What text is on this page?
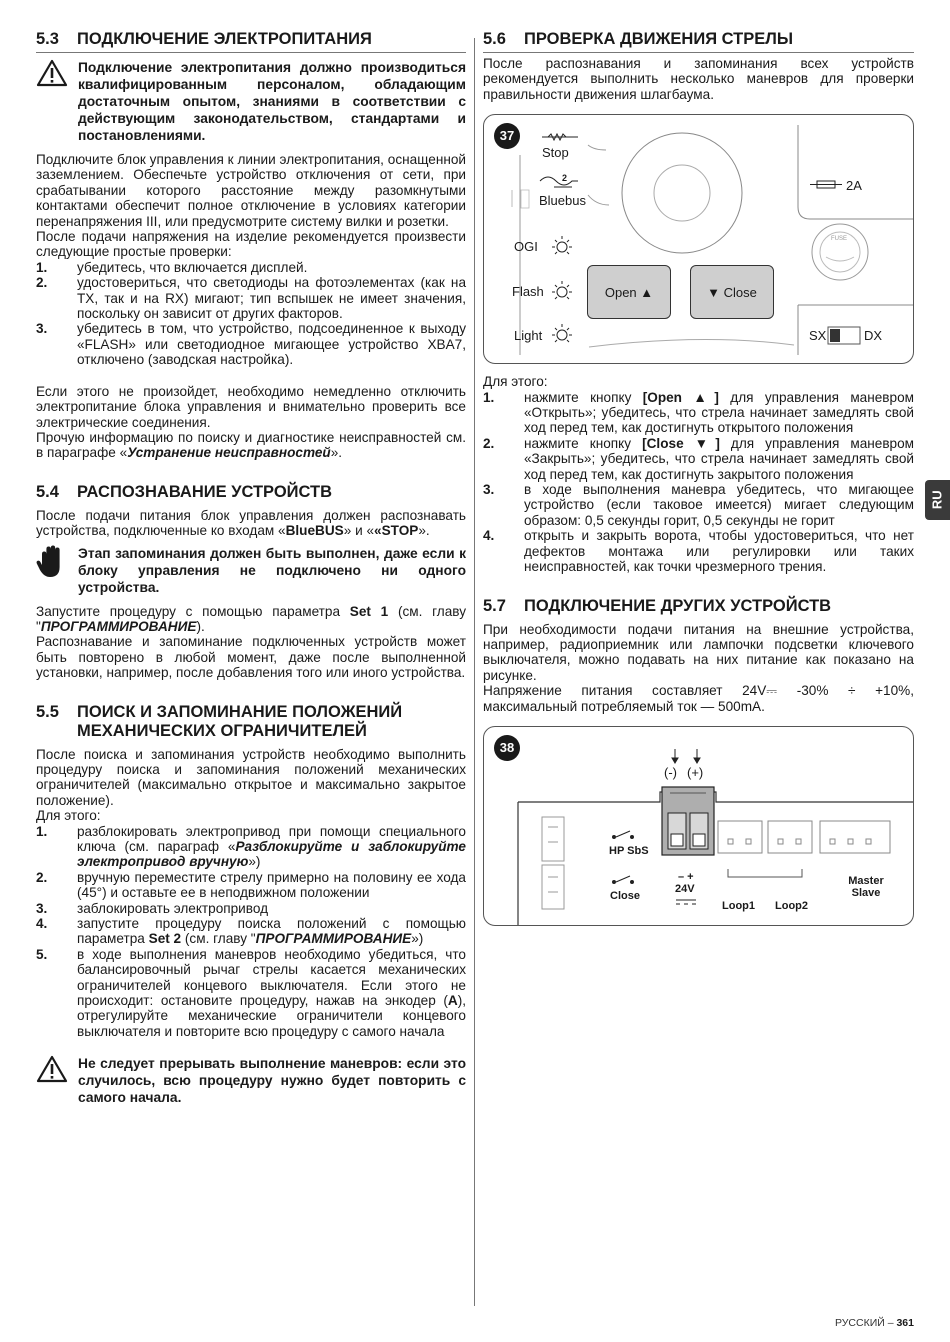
5.3	ПОДКЛЮЧЕНИЕ ЭЛЕКТРОПИТАНИЯ

Подключение электропитания должно производиться квалифицированным персоналом, обладающим достаточным опытом, знаниями в соответствии с действующим законодательством, стандартами и постановлениями.

Подключите блок управления к линии электропитания, оснащенной заземлением. Обеспечьте устройство отключения от сети, при срабатывании которого расстояние между разомкнутыми контактами обеспечит полное отключение в условиях категории перенапряжения III, или предусмотрите систему вилки и розетки.

После подачи напряжения на изделие рекомендуется произвести следующие простые проверки:

1.	убедитесь, что включается дисплей.
2.	удостовериться, что светодиоды на фотоэлементах (как на TX, так и на RX) мигают; тип вспышек не имеет значения, поскольку он зависит от других факторов.
3.	убедитесь в том, что устройство, подсоединенное к выходу «FLASH» или светодиодное мигающее устройство XBA7, отключено (заводская настройка).

Если этого не произойдет, необходимо немедленно отключить электропитание блока управления и внимательно проверить все электрические соединения.

Прочую информацию по поиску и диагностике неисправностей см. в параграфе «Устранение неисправностей».

5.4	РАСПОЗНАВАНИЕ УСТРОЙСТВ

После подачи питания блок управления должен распознавать устройства, подключенные ко входам «BlueBUS» и ««STOP».

Этап запоминания должен быть выполнен, даже если к блоку управления не подключено ни одного устройства.

Запустите процедуру с помощью параметра Set 1 (см. главу "ПРОГРАММИРОВАНИЕ).

Распознавание и запоминание подключенных устройств может быть повторено в любой момент, даже после выполненной установки, например, после добавления того или иного устройства.

5.5	ПОИСК И ЗАПОМИНАНИЕ ПОЛОЖЕНИЙ МЕХАНИЧЕСКИХ ОГРАНИЧИТЕЛЕЙ

После поиска и запоминания устройств необходимо выполнить процедуру поиска и запоминания положений механических ограничителей (максимально открытое и максимально закрытое положение).

Для этого:

1.	разблокировать электропривод при помощи специального ключа (см. параграф «Разблокируйте и заблокируйте электропривод вручную»)
2.	вручную переместите стрелу примерно на половину ее хода (45°) и оставьте ее в неподвижном положении
3.	заблокировать электропривод
4.	запустите процедуру поиска положений с помощью параметра Set 2 (см. главу "ПРОГРАММИРОВАНИЕ»)
5.	в ходе выполнения маневров необходимо убедиться, что балансировочный рычаг стрелы касается механических ограничителей концевого выключателя. Если этого не происходит: остановите процедуру, нажав на энкодер (A), отрегулируйте механические ограничители концевого выключателя и повторите всю процедуру с самого начала

Не следует прерывать выполнение маневров: если это случилось, всю процедуру нужно будет повторить с самого начала.

5.6	ПРОВЕРКА ДВИЖЕНИЯ СТРЕЛЫ

После распознавания и запоминания всех устройств рекомендуется выполнить несколько маневров для проверки правильности движения шлагбаума.

37
Stop
Bluebus
2
OGI
Flash
Light
Open ▲	▼ Close
2A
FUSE
SX	DX

Для этого:

1.	нажмите кнопку [Open ▲] для управления маневром «Открыть»; убедитесь, что стрела начинает замедлять свой ход перед тем, как достигнуть открытого положения
2.	нажмите кнопку [Close ▼] для управления маневром «Закрыть»; убедитесь, что стрела начинает замедлять свой ход перед тем, как достигнуть закрытого положения
3.	в ходе выполнения маневра убедитесь, что мигающее устройство (если таковое имеется) мигает следующим образом: 0,5 секунды горит, 0,5 секунды не горит
4.	открыть и закрыть ворота, чтобы удостовериться, что нет дефектов монтажа или регулировки или таких неисправностей, как точки чрезмерного трения.
5.7	ПОДКЛЮЧЕНИЕ ДРУГИХ УСТРОЙСТВ

При необходимости подачи питания на внешние устройства, например, радиоприемник или лампочки подсветки ключевого выключателя, можно подавать на них питание как показано на рисунке.

Напряжение питания составляет 24V⎓ -30% ÷ +10%, максимальный потребляемый ток — 500mA.

38
(-) (+)
HP SbS
Close
– +
24V
Loop1 Loop2
Master
Slave
RU
РУССКИЙ – 361
